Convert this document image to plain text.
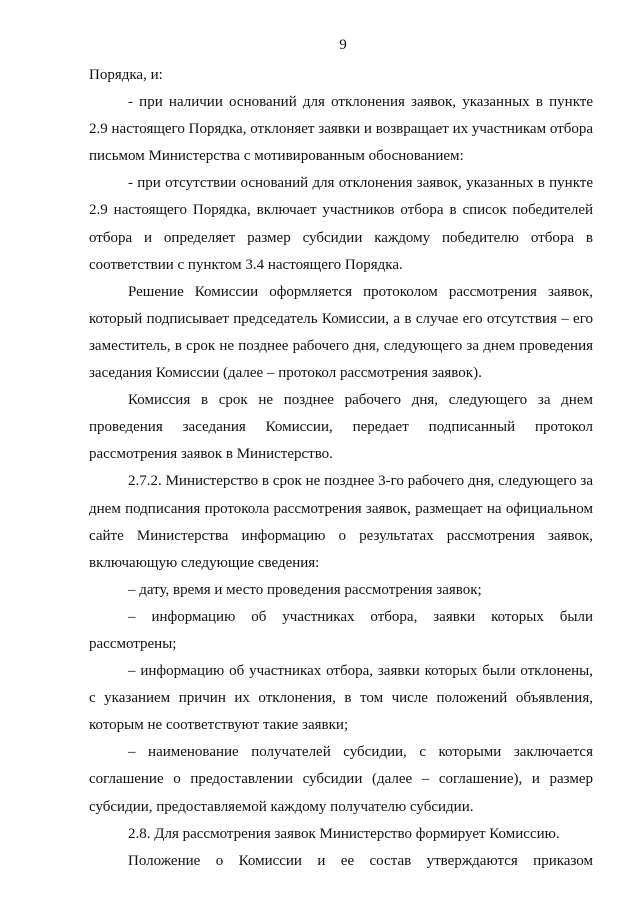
9

Порядка, и:

- при наличии оснований для отклонения заявок, указанных в пункте 2.9 настоящего Порядка, отклоняет заявки и возвращает их участникам отбора письмом Министерства с мотивированным обоснованием:

- при отсутствии оснований для отклонения заявок, указанных в пункте 2.9 настоящего Порядка, включает участников отбора в список победителей отбора и определяет размер субсидии каждому победителю отбора в соответствии с пунктом 3.4 настоящего Порядка.

Решение Комиссии оформляется протоколом рассмотрения заявок, который подписывает председатель Комиссии, а в случае его отсутствия – его заместитель, в срок не позднее рабочего дня, следующего за днем проведения заседания Комиссии (далее – протокол рассмотрения заявок).

Комиссия в срок не позднее рабочего дня, следующего за днем проведения заседания Комиссии, передает подписанный протокол рассмотрения заявок в Министерство.

2.7.2. Министерство в срок не позднее 3-го рабочего дня, следующего за днем подписания протокола рассмотрения заявок, размещает на официальном сайте Министерства информацию о результатах рассмотрения заявок, включающую следующие сведения:

– дату, время и место проведения рассмотрения заявок;

– информацию об участниках отбора, заявки которых были рассмотрены;

– информацию об участниках отбора, заявки которых были отклонены, с указанием причин их отклонения, в том числе положений объявления, которым не соответствуют такие заявки;

– наименование получателей субсидии, с которыми заключается соглашение о предоставлении субсидии (далее – соглашение), и размер субсидии, предоставляемой каждому получателю субсидии.

2.8. Для рассмотрения заявок Министерство формирует Комиссию.

Положение о Комиссии и ее состав утверждаются приказом
